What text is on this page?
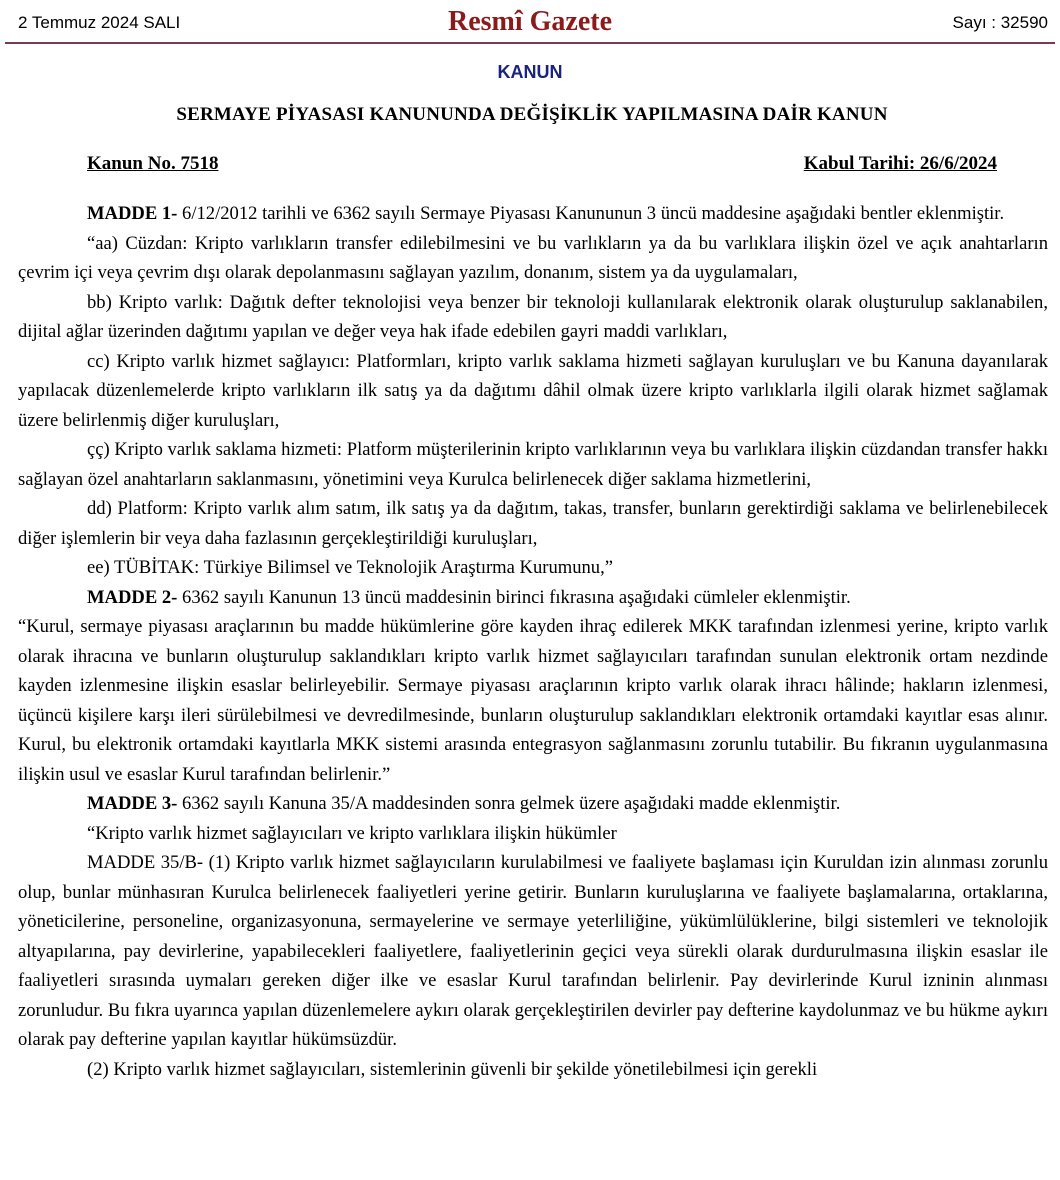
2 Temmuz 2024 SALI	Resmî Gazete	Sayı : 32590
KANUN
SERMAYE PİYASASI KANUNUNDA DEĞİŞİKLİK YAPILMASINA DAİR KANUN
Kanun No. 7518	Kabul Tarihi: 26/6/2024

MADDE 1- 6/12/2012 tarihli ve 6362 sayılı Sermaye Piyasası Kanununun 3 üncü maddesine aşağıdaki bentler eklenmiştir.

“aa) Cüzdan: Kripto varlıkların transfer edilebilmesini ve bu varlıkların ya da bu varlıklara ilişkin özel ve açık anahtarların çevrim içi veya çevrim dışı olarak depolanmasını sağlayan yazılım, donanım, sistem ya da uygulamaları,

bb) Kripto varlık: Dağıtık defter teknolojisi veya benzer bir teknoloji kullanılarak elektronik olarak oluşturulup saklanabilen, dijital ağlar üzerinden dağıtımı yapılan ve değer veya hak ifade edebilen gayri maddi varlıkları,

cc) Kripto varlık hizmet sağlayıcı: Platformları, kripto varlık saklama hizmeti sağlayan kuruluşları ve bu Kanuna dayanılarak yapılacak düzenlemelerde kripto varlıkların ilk satış ya da dağıtımı dâhil olmak üzere kripto varlıklarla ilgili olarak hizmet sağlamak üzere belirlenmiş diğer kuruluşları,

çç) Kripto varlık saklama hizmeti: Platform müşterilerinin kripto varlıklarının veya bu varlıklara ilişkin cüzdandan transfer hakkı sağlayan özel anahtarların saklanmasını, yönetimini veya Kurulca belirlenecek diğer saklama hizmetlerini,

dd) Platform: Kripto varlık alım satım, ilk satış ya da dağıtım, takas, transfer, bunların gerektirdiği saklama ve belirlenebilecek diğer işlemlerin bir veya daha fazlasının gerçekleştirildiği kuruluşları,

ee) TÜBİTAK: Türkiye Bilimsel ve Teknolojik Araştırma Kurumunu,”

MADDE 2- 6362 sayılı Kanunun 13 üncü maddesinin birinci fıkrasına aşağıdaki cümleler eklenmiştir.

“Kurul, sermaye piyasası araçlarının bu madde hükümlerine göre kayden ihraç edilerek MKK tarafından izlenmesi yerine, kripto varlık olarak ihracına ve bunların oluşturulup saklandıkları kripto varlık hizmet sağlayıcıları tarafından sunulan elektronik ortam nezdinde kayden izlenmesine ilişkin esaslar belirleyebilir. Sermaye piyasası araçlarının kripto varlık olarak ihracı hâlinde; hakların izlenmesi, üçüncü kişilere karşı ileri sürülebilmesi ve devredilmesinde, bunların oluşturulup saklandıkları elektronik ortamdaki kayıtlar esas alınır. Kurul, bu elektronik ortamdaki kayıtlarla MKK sistemi arasında entegrasyon sağlanmasını zorunlu tutabilir. Bu fıkranın uygulanmasına ilişkin usul ve esaslar Kurul tarafından belirlenir.”

MADDE 3- 6362 sayılı Kanuna 35/A maddesinden sonra gelmek üzere aşağıdaki madde eklenmiştir.

“Kripto varlık hizmet sağlayıcıları ve kripto varlıklara ilişkin hükümler

MADDE 35/B- (1) Kripto varlık hizmet sağlayıcıların kurulabilmesi ve faaliyete başlaması için Kuruldan izin alınması zorunlu olup, bunlar münhasıran Kurulca belirlenecek faaliyetleri yerine getirir. Bunların kuruluşlarına ve faaliyete başlamalarına, ortaklarına, yöneticilerine, personeline, organizasyonuna, sermayelerine ve sermaye yeterliliğine, yükümlülüklerine, bilgi sistemleri ve teknolojik altyapılarına, pay devirlerine, yapabilecekleri faaliyetlere, faaliyetlerinin geçici veya sürekli olarak durdurulmasına ilişkin esaslar ile faaliyetleri sırasında uymaları gereken diğer ilke ve esaslar Kurul tarafından belirlenir. Pay devirlerinde Kurul izninin alınması zorunludur. Bu fıkra uyarınca yapılan düzenlemelere aykırı olarak gerçekleştirilen devirler pay defterine kaydolunmaz ve bu hükme aykırı olarak pay defterine yapılan kayıtlar hükümsüzdür.

(2) Kripto varlık hizmet sağlayıcıları, sistemlerinin güvenli bir şekilde yönetilebilmesi için gerekli
